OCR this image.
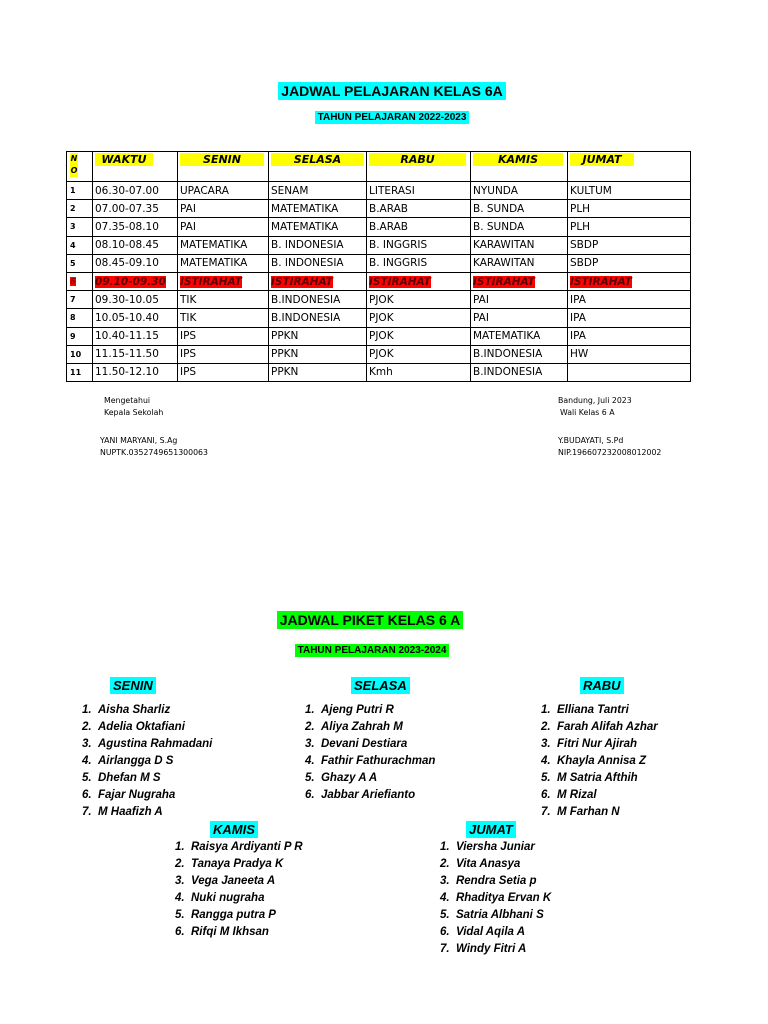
JADWAL PELAJARAN KELAS 6A
TAHUN PELAJARAN 2022-2023
N
O	WAKTU	SENIN	SELASA	RABU	KAMIS	JUMAT
1	06.30-07.00	UPACARA	SENAM	LITERASI	NYUNDA	KULTUM
2	07.00-07.35	PAI	MATEMATIKA	B.ARAB	B. SUNDA	PLH
3	07.35-08.10	PAI	MATEMATIKA	B.ARAB	B. SUNDA	PLH
4	08.10-08.45	MATEMATIKA	B. INDONESIA	B. INGGRIS	KARAWITAN	SBDP
5	08.45-09.10	MATEMATIKA	B. INDONESIA	B. INGGRIS	KARAWITAN	SBDP
6	09.10-09.30	ISTIRAHAT	ISTIRAHAT	ISTIRAHAT	ISTIRAHAT	ISTIRAHAT
7	09.30-10.05	TIK	B.INDONESIA	PJOK	PAI	IPA
8	10.05-10.40	TIK	B.INDONESIA	PJOK	PAI	IPA
9	10.40-11.15	IPS	PPKN	PJOK	MATEMATIKA	IPA
10	11.15-11.50	IPS	PPKN	PJOK	B.INDONESIA	HW
11	11.50-12.10	IPS	PPKN	Kmh	B.INDONESIA	
Mengetahui
Kepala Sekolah
YANI MARYANI, S.Ag
NUPTK.0352749651300063
Bandung, Juli 2023
Wali Kelas 6 A
Y.BUDAYATI, S.Pd
NIP.196607232008012002
JADWAL PIKET KELAS 6 A
TAHUN PELAJARAN 2023-2024
SENIN	SELASA	RABU
KAMIS	JUMAT
1.  Aisha Sharliz
2.  Adelia Oktafiani
3.  Agustina Rahmadani
4.  Airlangga D S
5.  Dhefan M S
6.  Fajar Nugraha
7.  M Haafizh A
1.  Ajeng Putri R
2.  Aliya Zahrah M
3.  Devani Destiara
4.  Fathir Fathurachman
5.  Ghazy A A
6.  Jabbar Ariefianto
1.  Elliana Tantri
2.  Farah Alifah Azhar
3.  Fitri Nur Ajirah
4.  Khayla Annisa Z
5.  M Satria Afthih
6.  M Rizal
7.  M Farhan N
1.  Raisya Ardiyanti P R
2.  Tanaya Pradya K
3.  Vega Janeeta A
4.  Nuki nugraha
5.  Rangga putra P
6.  Rifqi M Ikhsan
1.  Viersha Juniar
2.  Vita Anasya
3.  Rendra Setia p
4.  Rhaditya Ervan K
5.  Satria Albhani S
6.  Vidal Aqila A
7.  Windy Fitri A
